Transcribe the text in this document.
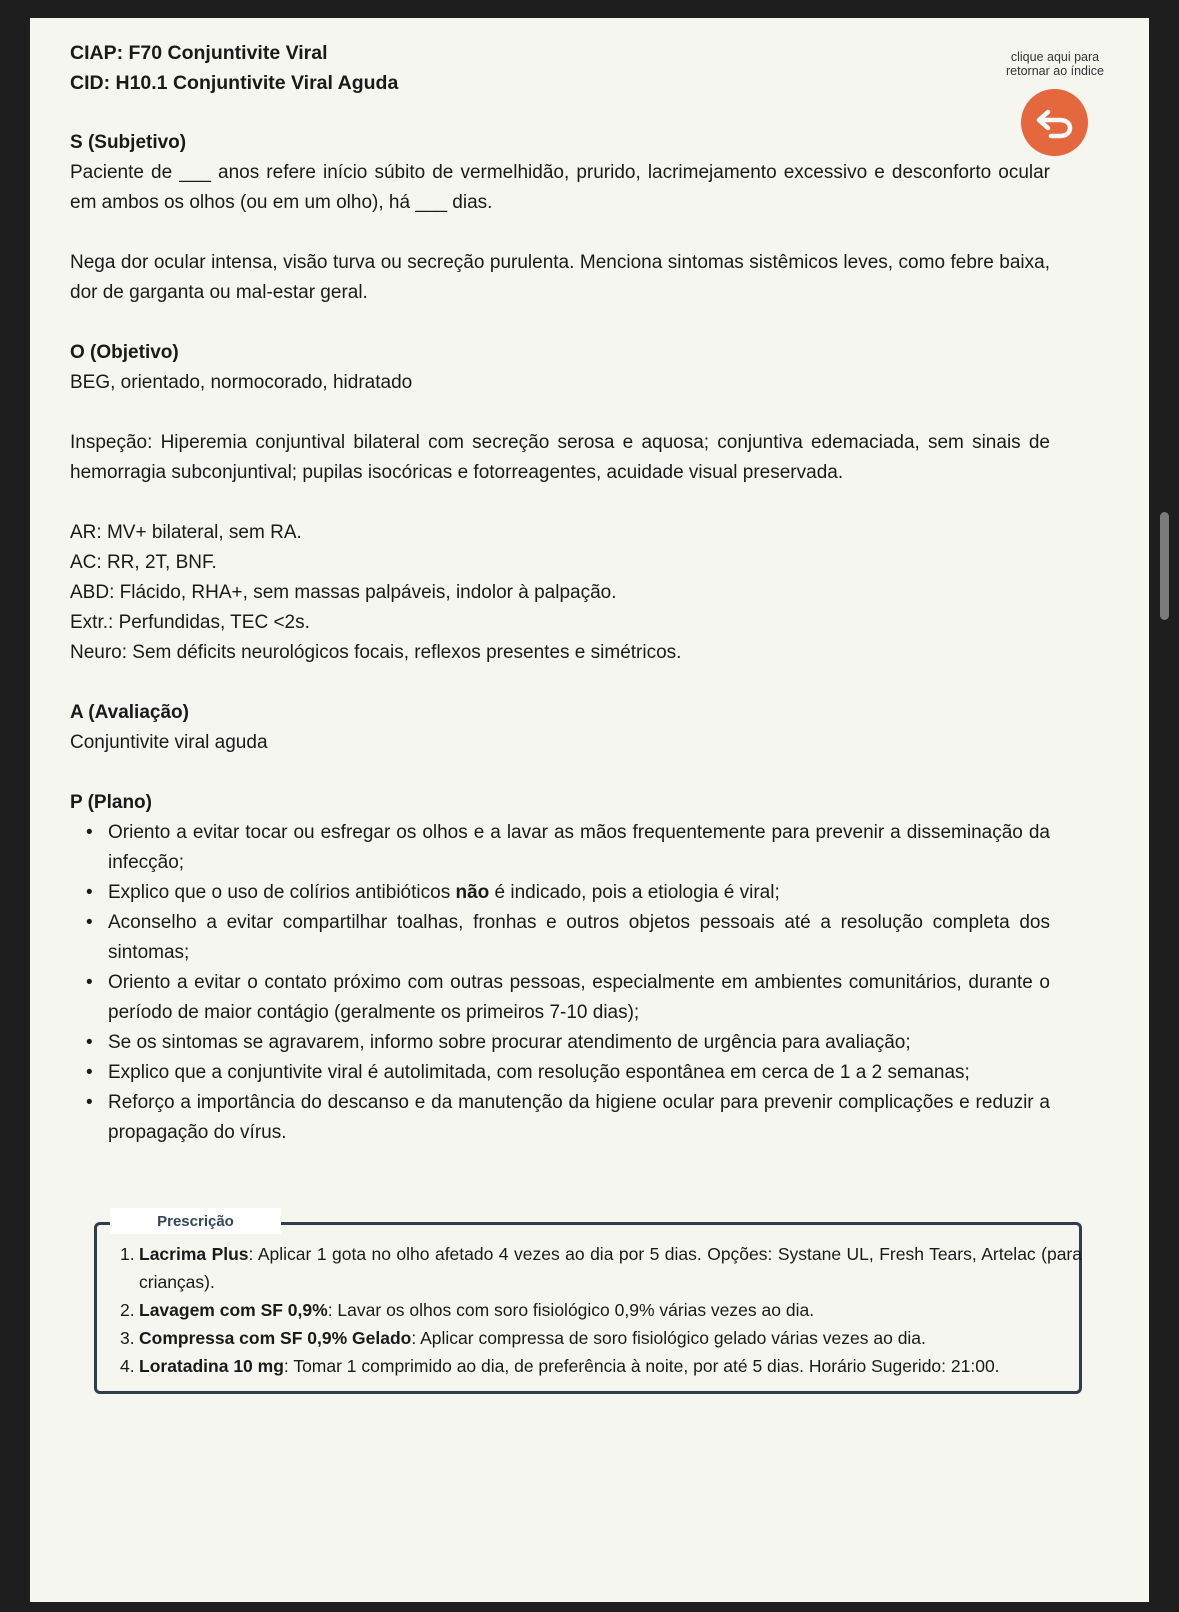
CIAP: F70 Conjuntivite Viral
CID: H10.1 Conjuntivite Viral Aguda
S (Subjetivo)

Paciente de ___ anos refere início súbito de vermelhidão, prurido, lacrimejamento excessivo e desconforto ocular em ambos os olhos (ou em um olho), há ___ dias.

Nega dor ocular intensa, visão turva ou secreção purulenta. Menciona sintomas sistêmicos leves, como febre baixa, dor de garganta ou mal-estar geral.

O (Objetivo)

BEG, orientado, normocorado, hidratado

Inspeção: Hiperemia conjuntival bilateral com secreção serosa e aquosa; conjuntiva edemaciada, sem sinais de hemorragia subconjuntival; pupilas isocóricas e fotorreagentes, acuidade visual preservada.

AR: MV+ bilateral, sem RA.

AC: RR, 2T, BNF.

ABD: Flácido, RHA+, sem massas palpáveis, indolor à palpação.

Extr.: Perfundidas, TEC <2s.

Neuro: Sem déficits neurológicos focais, reflexos presentes e simétricos.

A (Avaliação)

Conjuntivite viral aguda

P (Plano)
• Oriento a evitar tocar ou esfregar os olhos e a lavar as mãos frequentemente para prevenir a disseminação da infecção;
• Explico que o uso de colírios antibióticos não é indicado, pois a etiologia é viral;
• Aconselho a evitar compartilhar toalhas, fronhas e outros objetos pessoais até a resolução completa dos sintomas;
• Oriento a evitar o contato próximo com outras pessoas, especialmente em ambientes comunitários, durante o período de maior contágio (geralmente os primeiros 7-10 dias);
• Se os sintomas se agravarem, informo sobre procurar atendimento de urgência para avaliação;
• Explico que a conjuntivite viral é autolimitada, com resolução espontânea em cerca de 1 a 2 semanas;
• Reforço a importância do descanso e da manutenção da higiene ocular para prevenir complicações e reduzir a propagação do vírus.
clique aqui para
retornar ao índice
Prescrição
1. Lacrima Plus: Aplicar 1 gota no olho afetado 4 vezes ao dia por 5 dias. Opções: Systane UL, Fresh Tears, Artelac (para crianças).
2. Lavagem com SF 0,9%: Lavar os olhos com soro fisiológico 0,9% várias vezes ao dia.
3. Compressa com SF 0,9% Gelado: Aplicar compressa de soro fisiológico gelado várias vezes ao dia.
4. Loratadina 10 mg: Tomar 1 comprimido ao dia, de preferência à noite, por até 5 dias. Horário Sugerido: 21:00.
